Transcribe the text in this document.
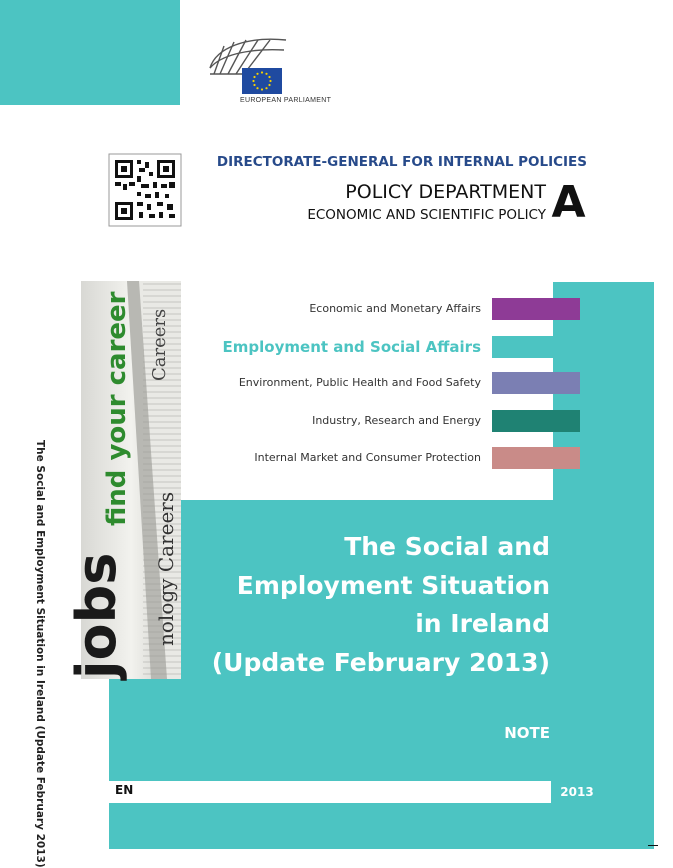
EUROPEAN PARLIAMENT
DIRECTORATE-GENERAL FOR INTERNAL POLICIES
POLICY DEPARTMENT
ECONOMIC AND SCIENTIFIC POLICY A
jobs
find your career Careers
nology Careers
Economic and Monetary Affairs
Employment and Social Affairs
Environment, Public Health and Food Safety
Industry, Research and Energy
Internal Market and Consumer Protection
The Social and
Employment Situation
in Ireland
(Update February 2013)
NOTE
EN	2013
The Social and Employment Situation in Ireland (Update February 2013)
